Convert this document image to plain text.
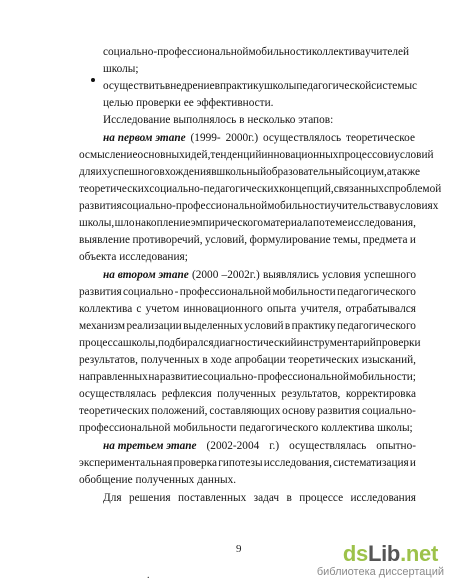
9
.
dsLib.net
библиотека диссертаций
социально-профессиональной мобильности коллектива учителей
школы;
осуществить внедрение в практику школы педагогической системы с
целью проверки ее эффективности.
Исследование выполнялось в несколько этапов:
на первом этапе (1999- 2000г.) осуществлялось теоретическое
осмысление основных идей, тенденций инновационных процессов и условий
для их успешного вхождения в школьный образовательный социум, а также
теоретических социально-педагогических концепций, связанных с проблемой
развития социально- профессиональной мобильности учительства в условиях
школы, шло накопление эмпирического материала по теме исследования,
выявление противоречий, условий, формулирование темы, предмета и
объекта исследования;
на втором этапе (2000 –2002г.) выявлялись условия успешного
развития социально - профессиональной мобильности педагогического
коллектива с учетом инновационного опыта учителя, отрабатывался
механизм реализации выделенных условий в практику педагогического
процесса школы, подбирался диагностический инструментарий проверки
результатов, полученных в ходе апробации теоретических изысканий,
направленных на развитие социально- профессиональной мобильности;
осуществлялась рефлексия полученных результатов, корректировка
теоретических положений, составляющих основу развития социально-
профессиональной мобильности педагогического коллектива школы;
на третьем этапе (2002-2004 г.) осуществлялась опытно-
экспериментальная проверка гипотезы исследования, систематизация и
обобщение полученных данных.
Для решения поставленных задач в процессе исследования
